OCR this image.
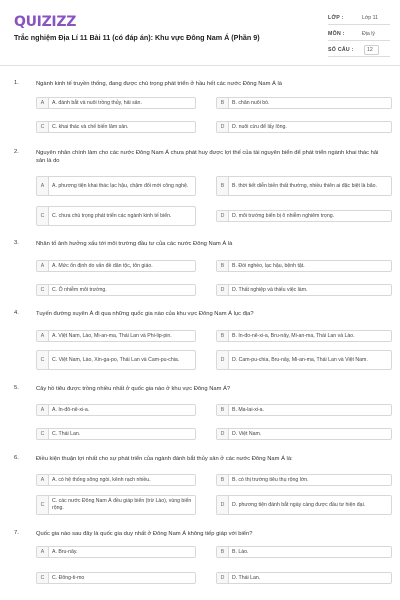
QUIZIZZ
Trắc nghiệm Địa Lí 11 Bài 11 (có đáp án): Khu vực Đông Nam Á (Phần 9)
LỚP :	Lớp 11
MÔN :	Địa lý
SỐ CÂU :	12
1.	Ngành kinh tế truyền thống, đang được chú trọng phát triển ở hầu hết các nước Đông Nam Á là
A	A. đánh bắt và nuôi trồng thủy, hải sản.	B	B. chăn nuôi bò.
C	C. khai thác và chế biến lâm sản.	D	D. nuôi cừu để lấy lông.
2.	Nguyên nhân chính làm cho các nước Đông Nam Á chưa phát huy được lợi thế của tài nguyên biển để phát triển ngành khai thác hải sản là do
A	A. phương tiện khai thác lạc hậu, chậm đổi mới công nghệ.	B	B. thời tiết diễn biến thất thường, nhiều thiên ai đặc biệt là bão.
C	C. chưa chú trọng phát triển các ngành kinh tế biển.	D	D. môi trường biển bị ô nhiễm nghiêm trọng.
3.	Nhân tố ảnh hưởng xấu tới môi trường đầu tư của các nước Đông Nam Á là
A	A. Mức ổn định do vấn đề dân tộc, tôn giáo.	B	B. Đói nghèo, lạc hậu, bệnh tật.
C	C. Ô nhiễm môi trường.	D	D. Thất nghiệp và thiếu việc làm.
4.	Tuyến đường xuyên Á đi qua những quốc gia nào của khu vực Đông Nam Á lục địa?
A	A. Việt Nam, Lào, Mi-an-ma, Thái Lan và Phi-lip-pin.	B	B. In-đo-nê-xi-a, Bru-nây, Mi-an-ma, Thái Lan và Lào.
C	C. Việt Nam, Lào, Xin-ga-po, Thái Lan và Cam-pu-chia.	D	D. Cam-pu-chia, Bru-nây, Mi-an-ma, Thái Lan và Việt Nam.
5.	Cây hồ tiêu được trồng nhiều nhất ở quốc gia nào ở khu vực Đông Nam Á?
A	A. In-đô-nê-xi-a.	B	B. Ma-lai-xi-a.
C	C. Thái Lan.	D	D. Việt Nam.
6.	Điều kiện thuận lợi nhất cho sự phát triển của ngành đánh bắt thủy sản ở các nước Đông Nam Á là:
A	A. có hệ thống sông ngòi, kênh rạch nhiều.	B	B. có thị trường tiêu thụ rộng lớn.
C
C. các nước Đông Nam Á đều giáp biển (trừ Lào), vùng biển rộng.	D	D. phương tiện đánh bắt ngày càng được đầu tư hiện đại.
7.	Quốc gia nào sau đây là quốc gia duy nhất ở Đông Nam Á không tiếp giáp với biển?
A	A. Bru-nây.	B	B. Lào.
C	C. Đông-ti-mo	D	D. Thái Lan.
